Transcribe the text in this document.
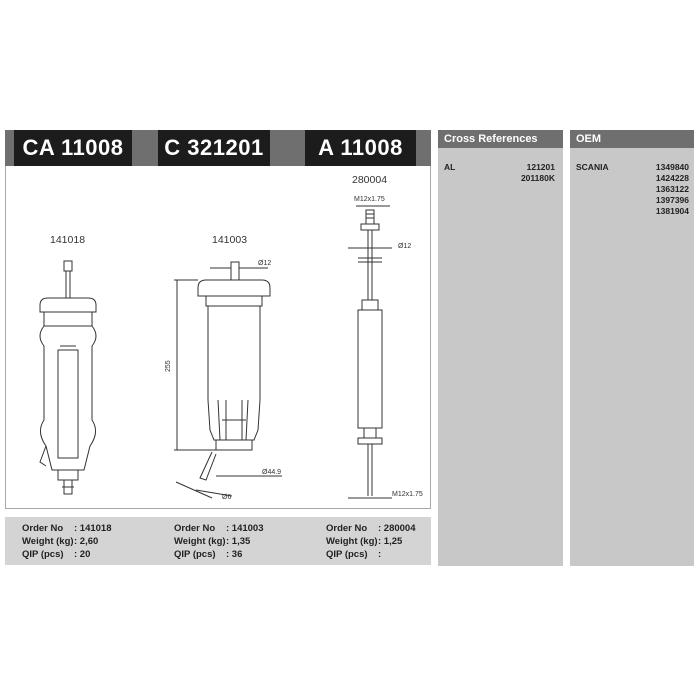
CA 11008	C 321201	A 11008
141018	141003
Ø12
255
Ø44.9
Ø6
280004
M12x1.75
Ø12
M12x1.75
Order No	: 141018
Weight (kg) : 2,60
QIP (pcs)	: 20
Order No	: 141003
Weight (kg) : 1,35
QIP (pcs)	: 36
Order No	: 280004
Weight (kg) : 1,25
QIP (pcs)	:
Cross References
AL	121201
201180K
OEM
SCANIA	1349840
1424228
1363122
1397396
1381904
